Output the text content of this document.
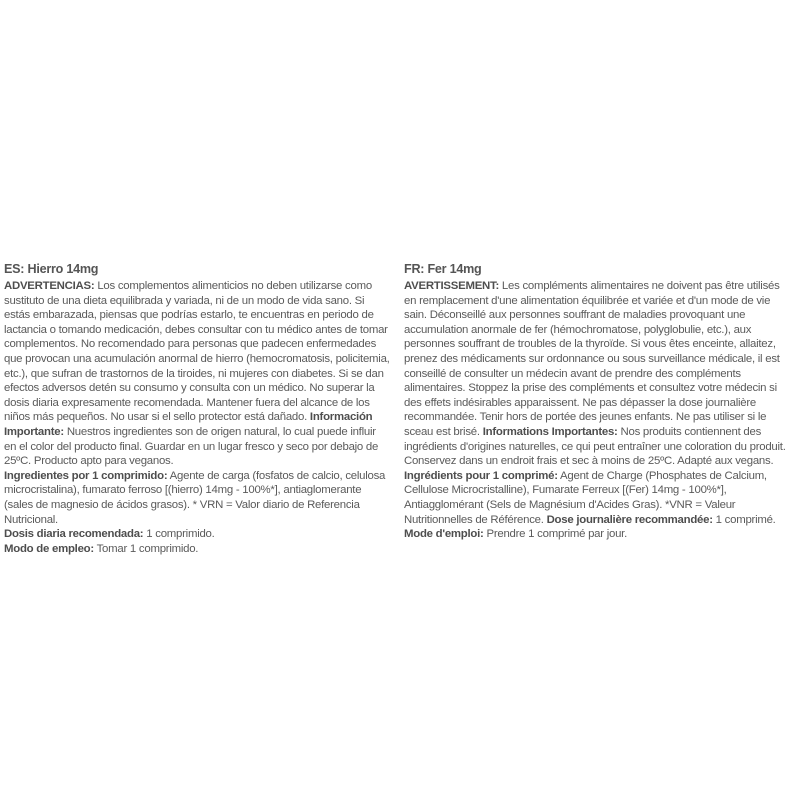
ES: Hierro 14mg

ADVERTENCIAS: Los complementos alimenticios no deben utilizarse como sustituto de una dieta equilibrada y variada, ni de un modo de vida sano. Si estás embarazada, piensas que podrías estarlo, te encuentras en periodo de lactancia o tomando medicación, debes consultar con tu médico antes de tomar complementos. No recomendado para personas que padecen enfermedades que provocan una acumulación anormal de hierro (hemocromatosis, policitemia, etc.), que sufran de trastornos de la tiroides, ni mujeres con diabetes. Si se dan efectos adversos detén su consumo y consulta con un médico. No superar la dosis diaria expresamente recomendada. Mantener fuera del alcance de los niños más pequeños. No usar si el sello protector está dañado. Información Importante: Nuestros ingredientes son de origen natural, lo cual puede influir en el color del producto final. Guardar en un lugar fresco y seco por debajo de 25ºC. Producto apto para veganos.

Ingredientes por 1 comprimido: Agente de carga (fosfatos de calcio, celulosa microcristalina), fumarato ferroso [(hierro) 14mg - 100%*], antiaglomerante (sales de magnesio de ácidos grasos). * VRN = Valor diario de Referencia Nutricional.

Dosis diaria recomendada: 1 comprimido.

Modo de empleo: Tomar 1 comprimido.

FR: Fer 14mg

AVERTISSEMENT: Les compléments alimentaires ne doivent pas être utilisés en remplacement d'une alimentation équilibrée et variée et d'un mode de vie sain. Déconseillé aux personnes souffrant de maladies provoquant une accumulation anormale de fer (hémochromatose, polyglobulie, etc.), aux personnes souffrant de troubles de la thyroïde. Si vous êtes enceinte, allaitez, prenez des médicaments sur ordonnance ou sous surveillance médicale, il est conseillé de consulter un médecin avant de prendre des compléments alimentaires. Stoppez la prise des compléments et consultez votre médecin si des effets indésirables apparaissent. Ne pas dépasser la dose journalière recommandée. Tenir hors de portée des jeunes enfants. Ne pas utiliser si le sceau est brisé. Informations Importantes: Nos produits contiennent des ingrédients d'origines naturelles, ce qui peut entraîner une coloration du produit. Conservez dans un endroit frais et sec à moins de 25ºC. Adapté aux vegans.

Ingrédients pour 1 comprimé: Agent de Charge (Phosphates de Calcium, Cellulose Microcristalline), Fumarate Ferreux [(Fer) 14mg - 100%*], Antiagglomérant (Sels de Magnésium d'Acides Gras). *VNR = Valeur Nutritionnelles de Référence. Dose journalière recommandée: 1 comprimé.

Mode d'emploi: Prendre 1 comprimé par jour.
